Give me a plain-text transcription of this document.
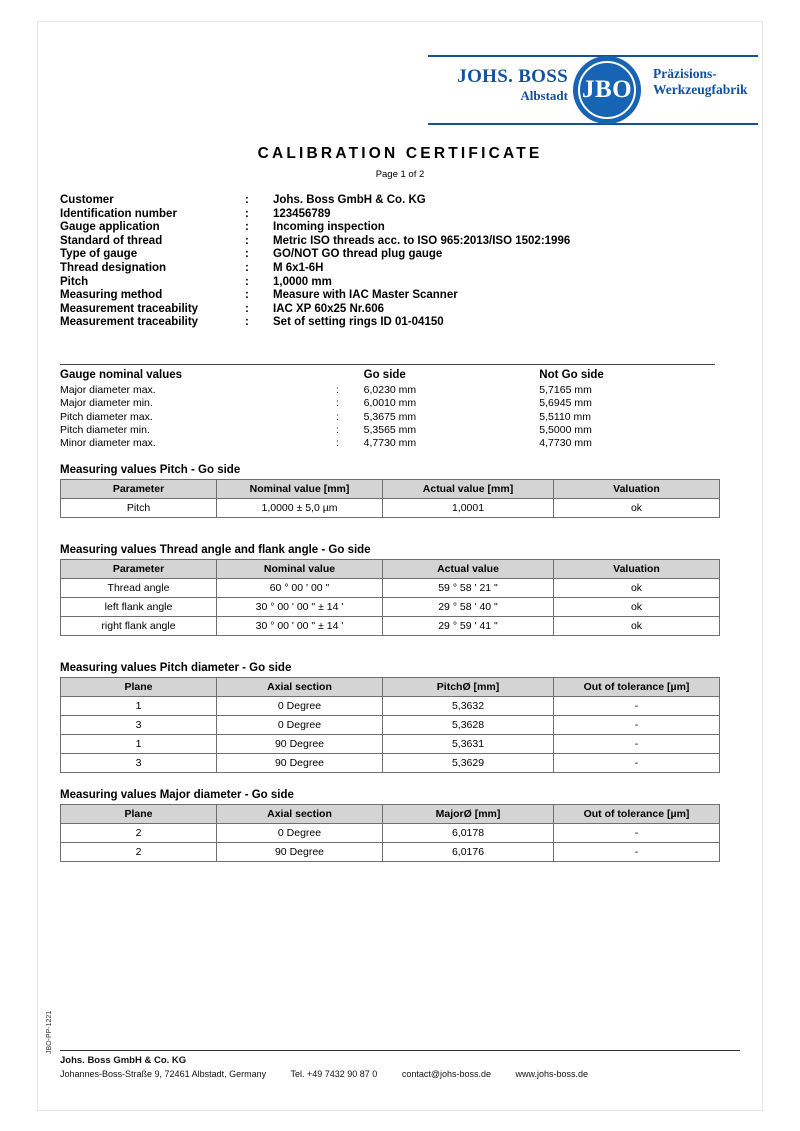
JOHS. BOSS
Albstadt JBO
Präzisions-
Werkzeugfabrik
CALIBRATION CERTIFICATE
Page 1 of 2
Customer	:	Johs. Boss GmbH & Co. KG
Identification number	:	123456789
Gauge application	:	Incoming inspection
Standard of thread	:	Metric ISO threads acc. to ISO 965:2013/ISO 1502:1996
Type of gauge	:	GO/NOT GO thread plug gauge
Thread designation	:	M 6x1-6H
Pitch	:	1,0000 mm
Measuring method	:	Measure with IAC Master Scanner
Measurement traceability	:	IAC XP 60x25 Nr.606
Measurement traceability	:	Set of setting rings ID 01-04150
Gauge nominal values		Go side	Not Go side
Major diameter max.	:	6,0230 mm	5,7165 mm
Major diameter min.	:	6,0010 mm	5,6945 mm
Pitch diameter max.	:	5,3675 mm	5,5110 mm
Pitch diameter min.	:	5,3565 mm	5,5000 mm
Minor diameter max.	:	4,7730 mm	4,7730 mm
Measuring values Pitch - Go side
Parameter	Nominal value [mm]	Actual value [mm]	Valuation
Pitch	1,0000 ± 5,0 µm	1,0001	ok
Measuring values Thread angle and flank angle - Go side
Parameter	Nominal value	Actual value	Valuation
Thread angle	60 ° 00 ' 00 "	59 ° 58 ' 21 "	ok
left flank angle	30 ° 00 ' 00 " ± 14 '	29 ° 58 ' 40 "	ok
right flank angle	30 ° 00 ' 00 " ± 14 '	29 ° 59 ' 41 "	ok
Measuring values Pitch diameter - Go side
Plane	Axial section	PitchØ [mm]	Out of tolerance [µm]
1	0 Degree	5,3632	-
3	0 Degree	5,3628	-
1	90 Degree	5,3631	-
3	90 Degree	5,3629	-
Measuring values Major diameter - Go side
Plane	Axial section	MajorØ [mm]	Out of tolerance [µm]
2	0 Degree	6,0178	-
2	90 Degree	6,0176	-
Johs. Boss GmbH & Co. KG
Johannes-Boss-Straße 9, 72461 Albstadt, Germany	Tel. +49 7432 90 87 0	contact@johs-boss.de	www.johs-boss.de
JBO-PP-1221
